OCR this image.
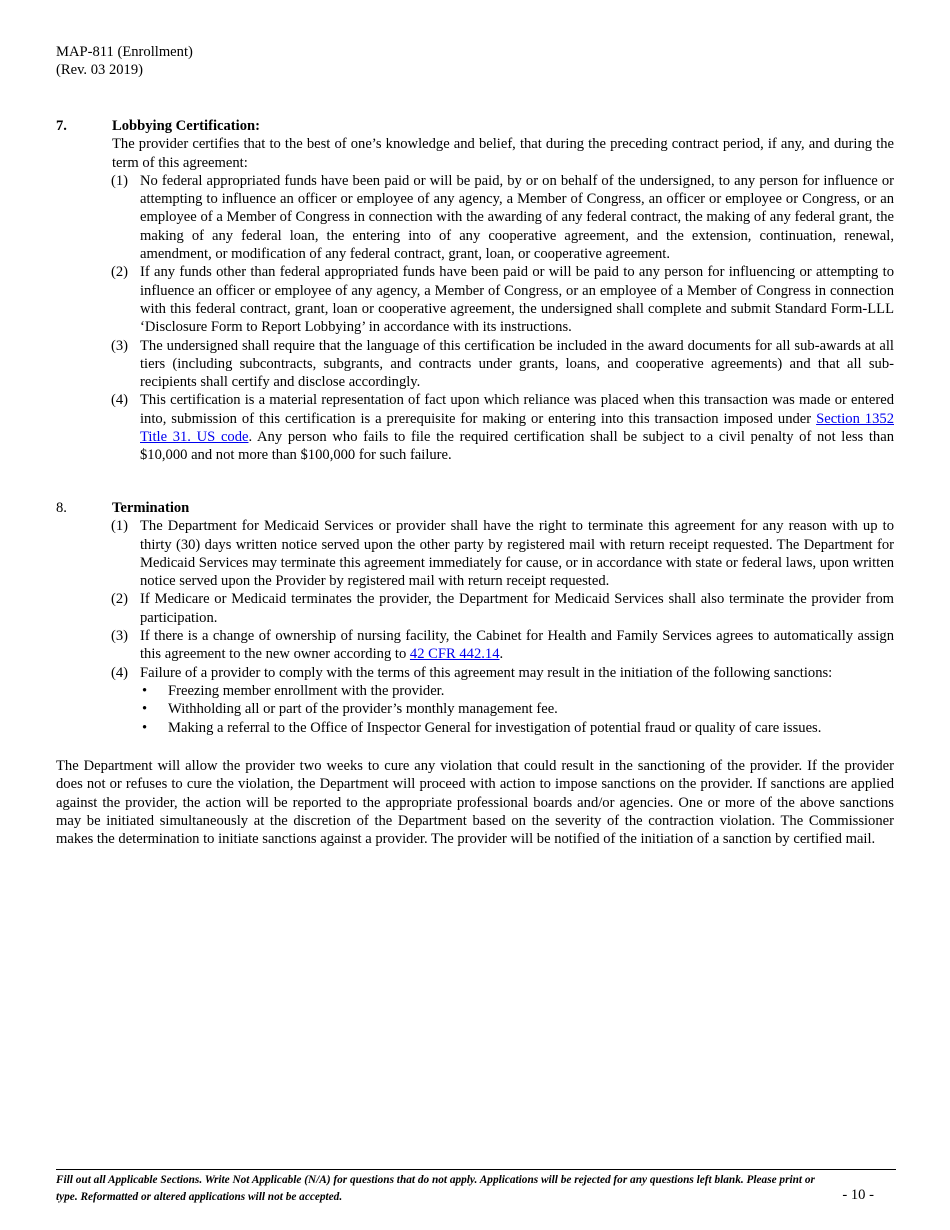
MAP-811 (Enrollment)
(Rev. 03 2019)
7.	Lobbying Certification:
The provider certifies that to the best of one’s knowledge and belief, that during the preceding contract period, if any, and during the term of this agreement:
(1) No federal appropriated funds have been paid or will be paid, by or on behalf of the undersigned, to any person for influence or attempting to influence an officer or employee of any agency, a Member of Congress, an officer or employee or Congress, or an employee of a Member of Congress in connection with the awarding of any federal contract, the making of any federal grant, the making of any federal loan, the entering into of any cooperative agreement, and the extension, continuation, renewal, amendment, or modification of any federal contract, grant, loan, or cooperative agreement.
(2) If any funds other than federal appropriated funds have been paid or will be paid to any person for influencing or attempting to influence an officer or employee of any agency, a Member of Congress, or an employee of a Member of Congress in connection with this federal contract, grant, loan or cooperative agreement, the undersigned shall complete and submit Standard Form-LLL ‘Disclosure Form to Report Lobbying’ in accordance with its instructions.
(3) The undersigned shall require that the language of this certification be included in the award documents for all sub-awards at all tiers (including subcontracts, subgrants, and contracts under grants, loans, and cooperative agreements) and that all sub-recipients shall certify and disclose accordingly.
(4) This certification is a material representation of fact upon which reliance was placed when this transaction was made or entered into, submission of this certification is a prerequisite for making or entering into this transaction imposed under Section 1352 Title 31. US code. Any person who fails to file the required certification shall be subject to a civil penalty of not less than $10,000 and not more than $100,000 for such failure.
8.	Termination
(1) The Department for Medicaid Services or provider shall have the right to terminate this agreement for any reason with up to thirty (30) days written notice served upon the other party by registered mail with return receipt requested. The Department for Medicaid Services may terminate this agreement immediately for cause, or in accordance with state or federal laws, upon written notice served upon the Provider by registered mail with return receipt requested.
(2) If Medicare or Medicaid terminates the provider, the Department for Medicaid Services shall also terminate the provider from participation.
(3) If there is a change of ownership of nursing facility, the Cabinet for Health and Family Services agrees to automatically assign this agreement to the new owner according to 42 CFR 442.14.
(4) Failure of a provider to comply with the terms of this agreement may result in the initiation of the following sanctions:
• Freezing member enrollment with the provider.
• Withholding all or part of the provider’s monthly management fee.
• Making a referral to the Office of Inspector General for investigation of potential fraud or quality of care issues.
The Department will allow the provider two weeks to cure any violation that could result in the sanctioning of the provider. If the provider does not or refuses to cure the violation, the Department will proceed with action to impose sanctions on the provider. If sanctions are applied against the provider, the action will be reported to the appropriate professional boards and/or agencies. One or more of the above sanctions may be initiated simultaneously at the discretion of the Department based on the severity of the contraction violation. The Commissioner makes the determination to initiate sanctions against a provider. The provider will be notified of the initiation of a sanction by certified mail.
Fill out all Applicable Sections. Write Not Applicable (N/A) for questions that do not apply. Applications will be rejected for any questions left blank. Please print or type. Reformatted or altered applications will not be accepted.	- 10 -
